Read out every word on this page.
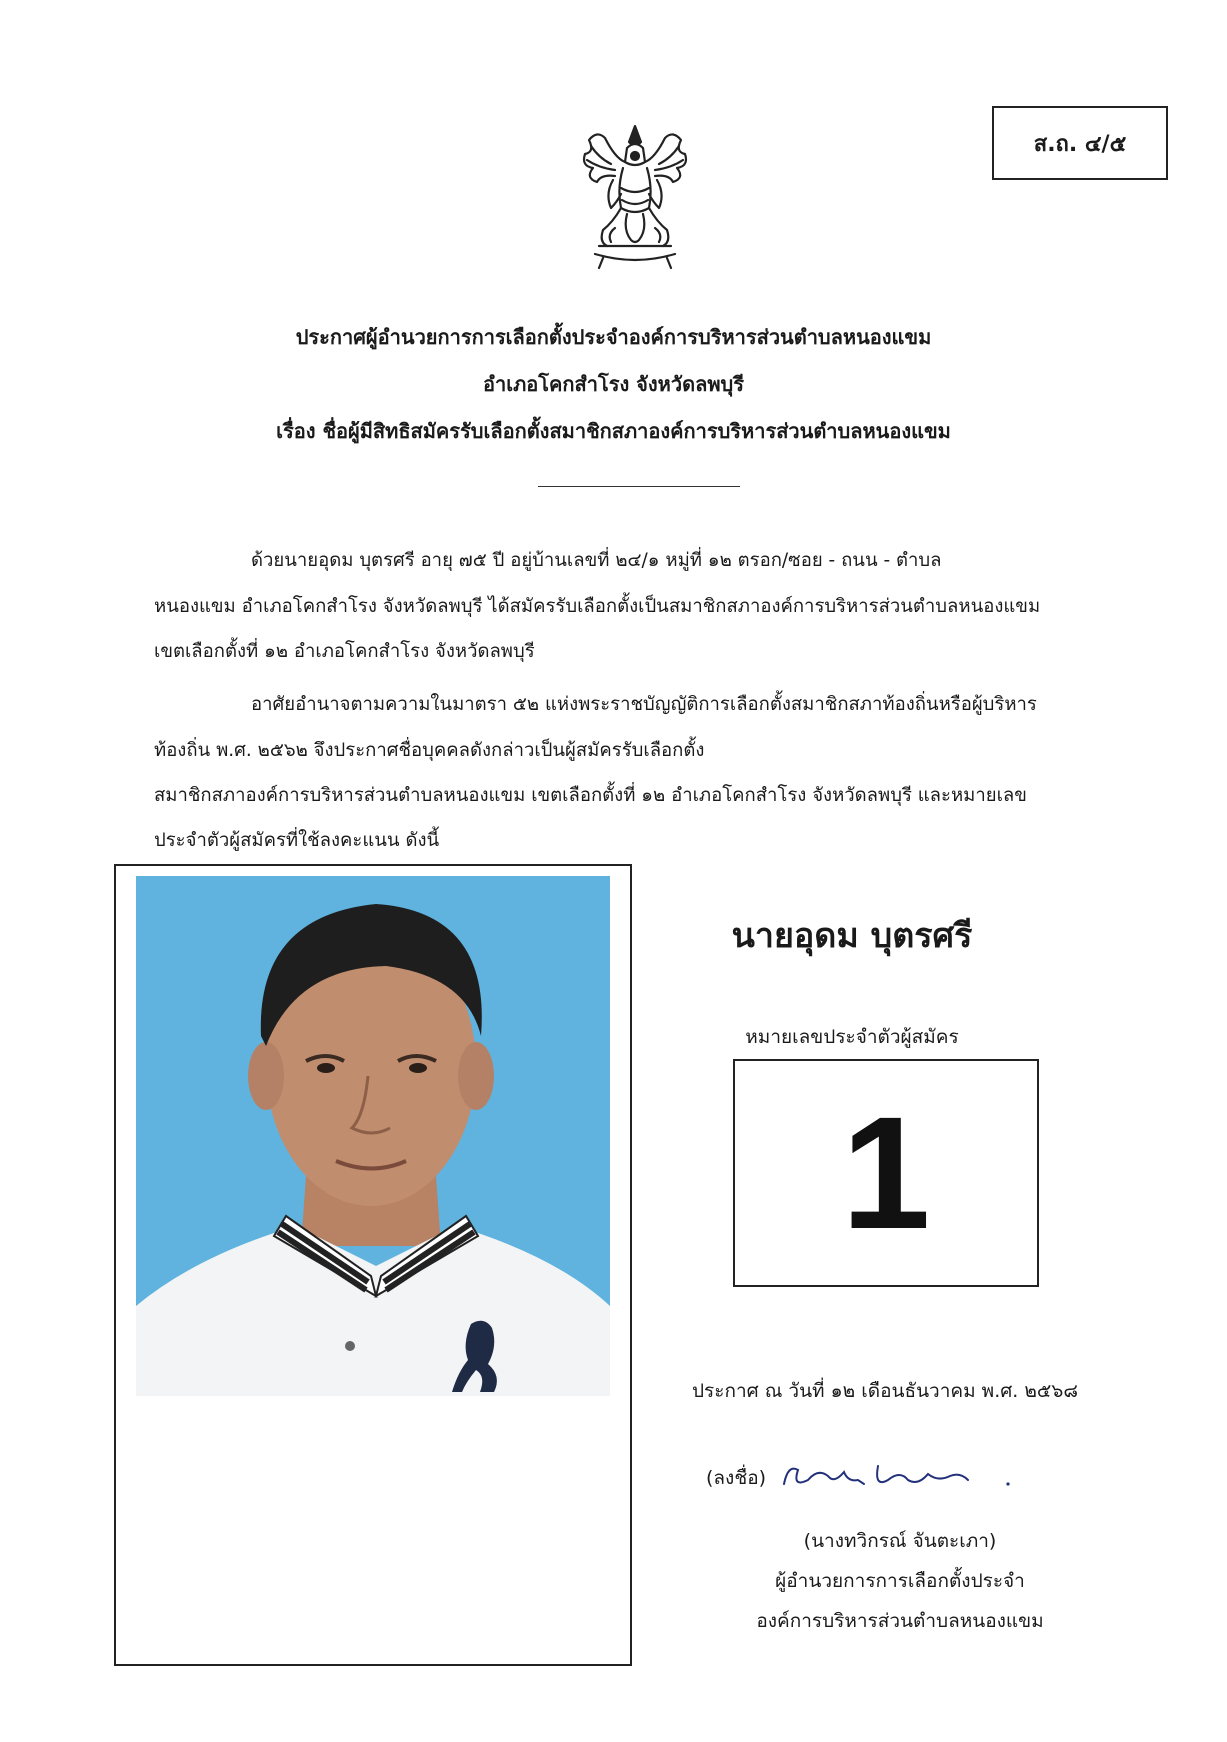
ส.ถ. ๔/๕
ประกาศผู้อำนวยการการเลือกตั้งประจำองค์การบริหารส่วนตำบลหนองแขม
อำเภอโคกสำโรง จังหวัดลพบุรี
เรื่อง ชื่อผู้มีสิทธิสมัครรับเลือกตั้งสมาชิกสภาองค์การบริหารส่วนตำบลหนองแขม
ด้วยนายอุดม บุตรศรี อายุ ๗๕ ปี อยู่บ้านเลขที่ ๒๔/๑ หมู่ที่ ๑๒ ตรอก/ซอย - ถนน - ตำบล
หนองแขม อำเภอโคกสำโรง จังหวัดลพบุรี ได้สมัครรับเลือกตั้งเป็นสมาชิกสภาองค์การบริหารส่วนตำบลหนองแขม
เขตเลือกตั้งที่ ๑๒ อำเภอโคกสำโรง จังหวัดลพบุรี
อาศัยอำนาจตามความในมาตรา ๕๒ แห่งพระราชบัญญัติการเลือกตั้งสมาชิกสภาท้องถิ่นหรือผู้บริหาร
ท้องถิ่น พ.ศ. ๒๕๖๒ จึงประกาศชื่อบุคคลดังกล่าวเป็นผู้สมัครรับเลือกตั้ง
สมาชิกสภาองค์การบริหารส่วนตำบลหนองแขม เขตเลือกตั้งที่ ๑๒ อำเภอโคกสำโรง จังหวัดลพบุรี และหมายเลข
ประจำตัวผู้สมัครที่ใช้ลงคะแนน ดังนี้
นายอุดม บุตรศรี
หมายเลขประจำตัวผู้สมัคร
1
ประกาศ ณ วันที่ ๑๒ เดือนธันวาคม พ.ศ. ๒๕๖๘
(ลงชื่อ)
(นางทวิกรณ์ จันตะเภา)
ผู้อำนวยการการเลือกตั้งประจำ
องค์การบริหารส่วนตำบลหนองแขม
